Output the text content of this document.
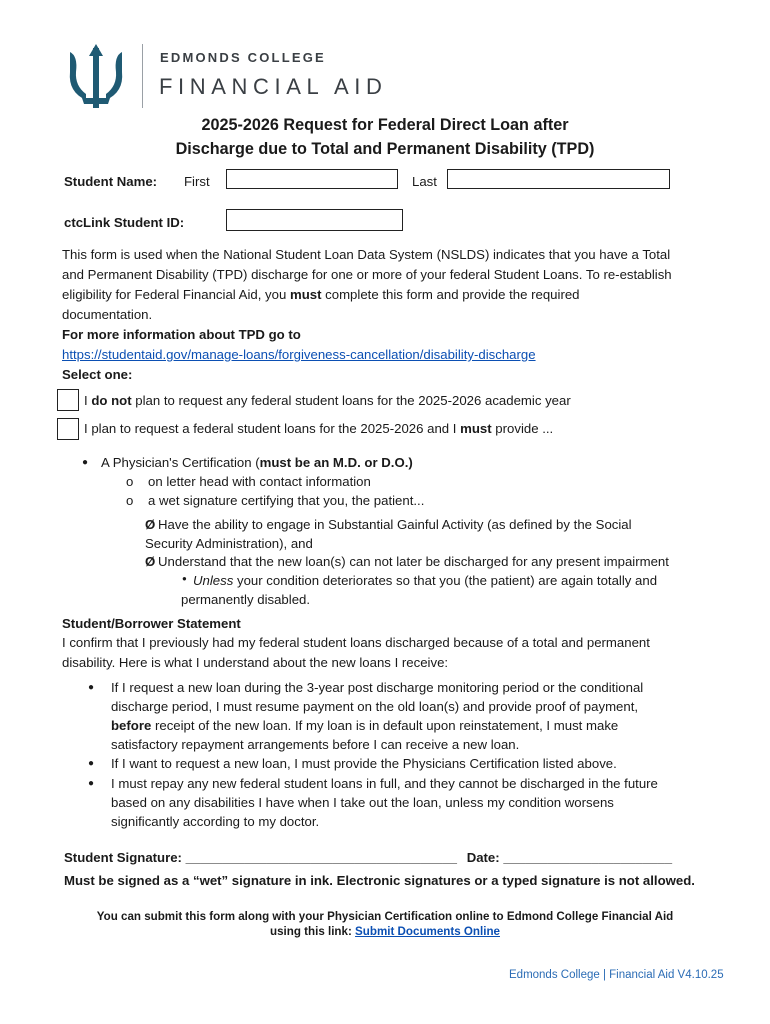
EDMONDS COLLEGE
FINANCIAL AID
2025-2026 Request for Federal Direct Loan after
Discharge due to Total and Permanent Disability (TPD)
Student Name: First	Last
ctcLink Student ID:
This form is used when the National Student Loan Data System (NSLDS) indicates that you have a Total
and Permanent Disability (TPD) discharge for one or more of your federal Student Loans. To re-establish
eligibility for Federal Financial Aid, you must complete this form and provide the required
documentation.
For more information about TPD go to
https://studentaid.gov/manage-loans/forgiveness-cancellation/disability-discharge
Select one:
I do not plan to request any federal student loans for the 2025-2026 academic year
I plan to request a federal student loans for the 2025-2026 and I must provide ...
● A Physician's Certification (must be an M.D. or D.O.)
o on letter head with contact information
o a wet signature certifying that you, the patient...
Ø Have the ability to engage in Substantial Gainful Activity (as defined by the Social
Security Administration), and
Ø Understand that the new loan(s) can not later be discharged for any present impairment
● Unless your condition deteriorates so that you (the patient) are again totally and
permanently disabled.
Student/Borrower Statement
I confirm that I previously had my federal student loans discharged because of a total and permanent
disability. Here is what I understand about the new loans I receive:
● If I request a new loan during the 3-year post discharge monitoring period or the conditional
discharge period, I must resume payment on the old loan(s) and provide proof of payment,
before receipt of the new loan. If my loan is in default upon reinstatement, I must make
satisfactory repayment arrangements before I can receive a new loan.
● If I want to request a new loan, I must provide the Physicians Certification listed above.
● I must repay any new federal student loans in full, and they cannot be discharged in the future
based on any disabilities I have when I take out the loan, unless my condition worsens
significantly according to my doctor.
Student Signature: _____________________________________ Date: _______________________
Must be signed as a “wet” signature in ink. Electronic signatures or a typed signature is not allowed.
You can submit this form along with your Physician Certification online to Edmond College Financial Aid
using this link: Submit Documents Online
Edmonds College | Financial Aid V4.10.25
